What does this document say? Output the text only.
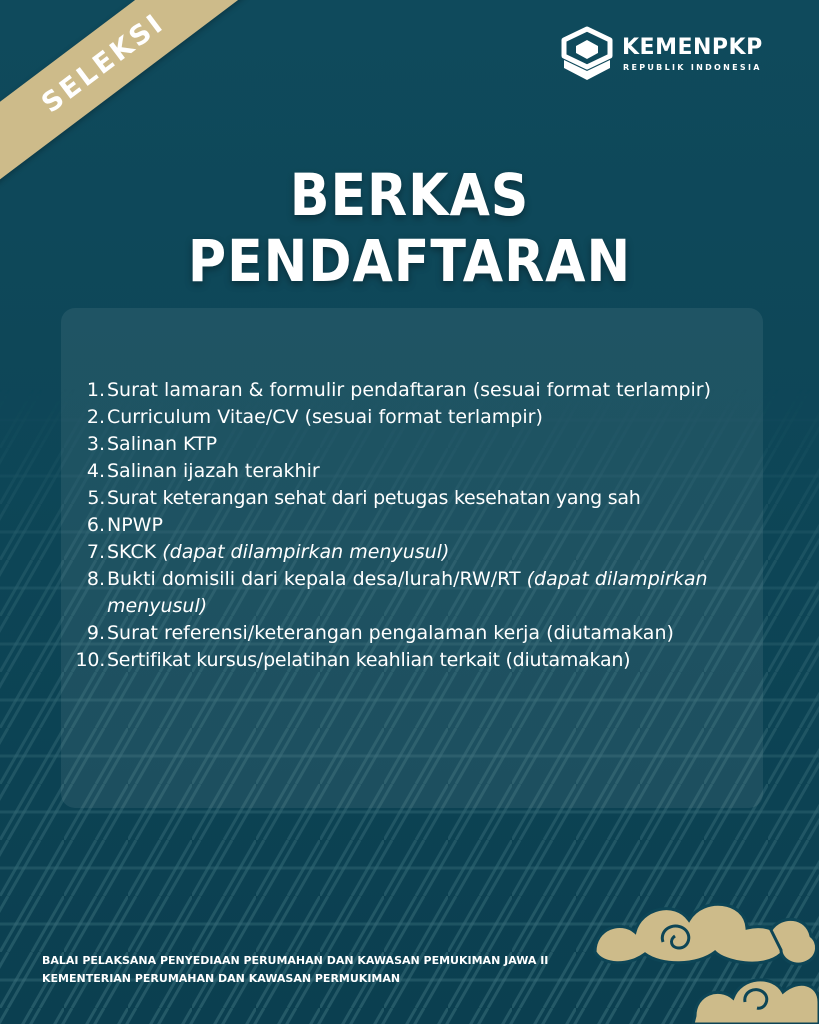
SELEKSI	KEMENPKP
REPUBLIK INDONESIA
BERKAS
PENDAFTARAN
1. Surat lamaran & formulir pendaftaran (sesuai format terlampir)
2. Curriculum Vitae/CV (sesuai format terlampir)
3. Salinan KTP
4. Salinan ijazah terakhir
5. Surat keterangan sehat dari petugas kesehatan yang sah
6. NPWP
7. SKCK (dapat dilampirkan menyusul)
8. Bukti domisili dari kepala desa/lurah/RW/RT (dapat dilampirkan menyusul)
9. Surat referensi/keterangan pengalaman kerja (diutamakan)
10. Sertifikat kursus/pelatihan keahlian terkait (diutamakan)
BALAI PELAKSANA PENYEDIAAN PERUMAHAN DAN KAWASAN PEMUKIMAN JAWA II
KEMENTERIAN PERUMAHAN DAN KAWASAN PERMUKIMAN
